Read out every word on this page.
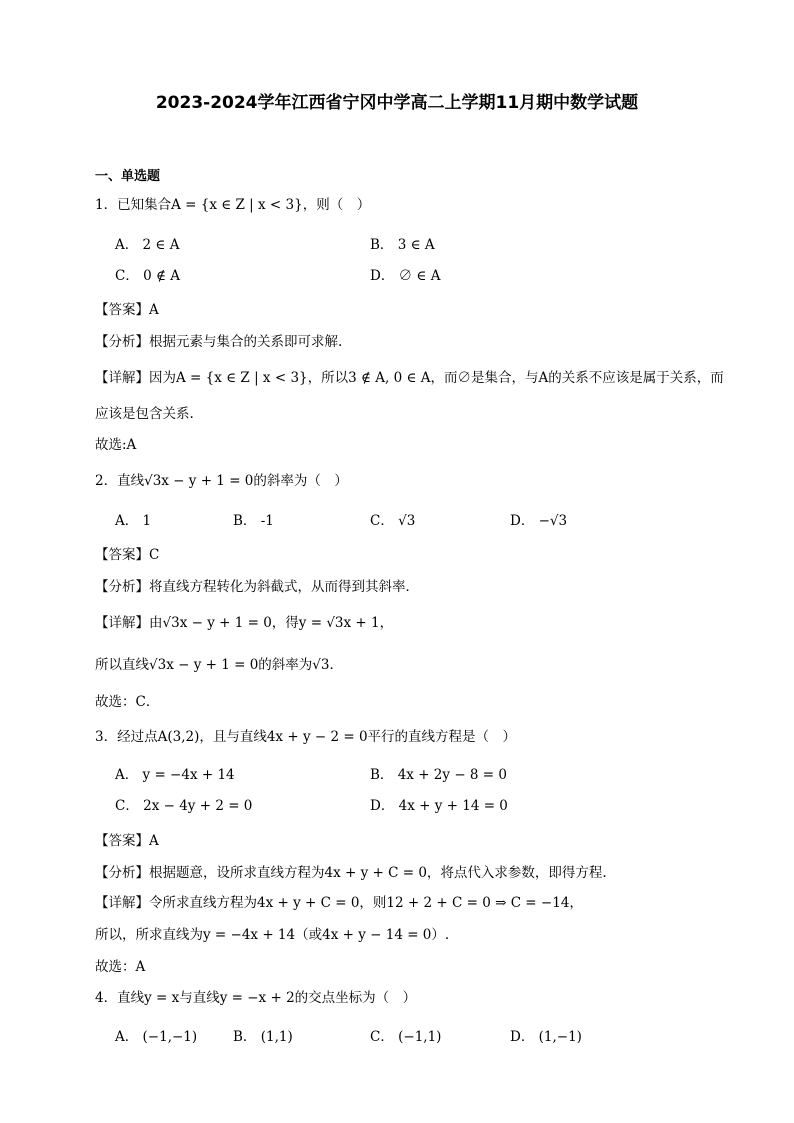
2023-2024学年江西省宁冈中学高二上学期11月期中数学试题
一、单选题
1．已知集合A = {x ∈ Z | x < 3}，则（　）
A． 2 ∈ A	B． 3 ∈ A
C． 0 ∉ A	D． ∅ ∈ A
【答案】A
【分析】根据元素与集合的关系即可求解.
【详解】因为A = {x ∈ Z | x < 3}，所以3 ∉ A, 0 ∈ A，而∅是集合，与A的关系不应该是属于关系，而
应该是包含关系.
故选:A
2．直线√3x − y + 1 = 0的斜率为（　）
A． 1	B． -1	C． √3	D． −√3
【答案】C
【分析】将直线方程转化为斜截式，从而得到其斜率．
【详解】由√3x − y + 1 = 0，得y = √3x + 1，
所以直线√3x − y + 1 = 0的斜率为√3．
故选：C．
3．经过点A(3,2)，且与直线4x + y − 2 = 0平行的直线方程是（　）
A． y = −4x + 14	B． 4x + 2y − 8 = 0
C． 2x − 4y + 2 = 0	D． 4x + y + 14 = 0
【答案】A
【分析】根据题意，设所求直线方程为4x + y + C = 0，将点代入求参数，即得方程.
【详解】令所求直线方程为4x + y + C = 0，则12 + 2 + C = 0 ⇒ C = −14，
所以，所求直线为y = −4x + 14（或4x + y − 14 = 0）.
故选：A
4．直线y = x与直线y = −x + 2的交点坐标为（　）
A． (−1,−1)	B． (1,1)	C． (−1,1)	D． (1,−1)
